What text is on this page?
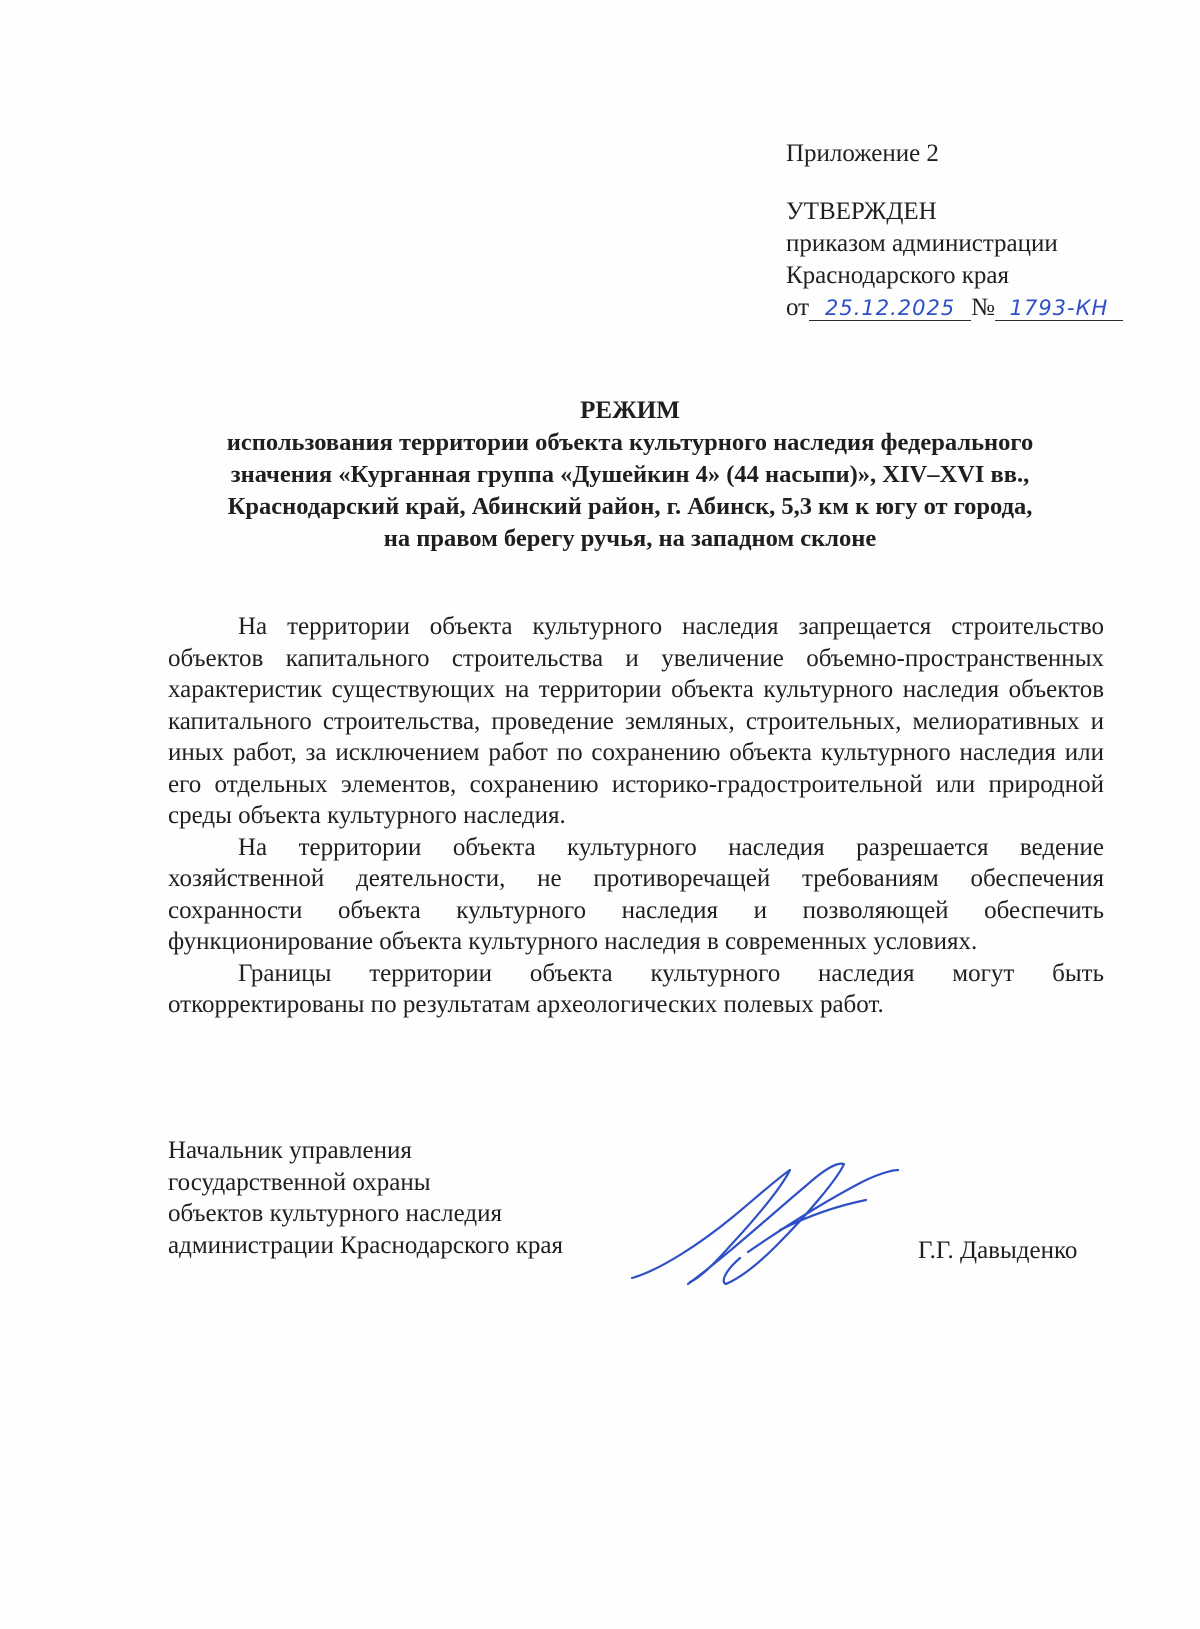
Приложение 2
УТВЕРЖДЕН
приказом администрации
Краснодарского края
от 25.12.2025 № 1793-КН
РЕЖИМ
использования территории объекта культурного наследия федерального
значения «Курганная группа «Душейкин 4» (44 насыпи)», XIV–XVI вв.,
Краснодарский край, Абинский район, г. Абинск, 5,3 км к югу от города,
на правом берегу ручья, на западном склоне

На территории объекта культурного наследия запрещается строительство объектов капитального строительства и увеличение объемно-пространственных характеристик существующих на территории объекта культурного наследия объектов капитального строительства, проведение земляных, строительных, мелиоративных и иных работ, за исключением работ по сохранению объекта культурного наследия или его отдельных элементов, сохранению историко-градостроительной или природной среды объекта культурного наследия.

На территории объекта культурного наследия разрешается ведение хозяйственной деятельности, не противоречащей требованиям обеспечения сохранности объекта культурного наследия и позволяющей обеспечить функционирование объекта культурного наследия в современных условиях.

Границы территории объекта культурного наследия могут быть откорректированы по результатам археологических полевых работ.

Начальник управления
государственной охраны
объектов культурного наследия
администрации Краснодарского края	Г.Г. Давыденко
